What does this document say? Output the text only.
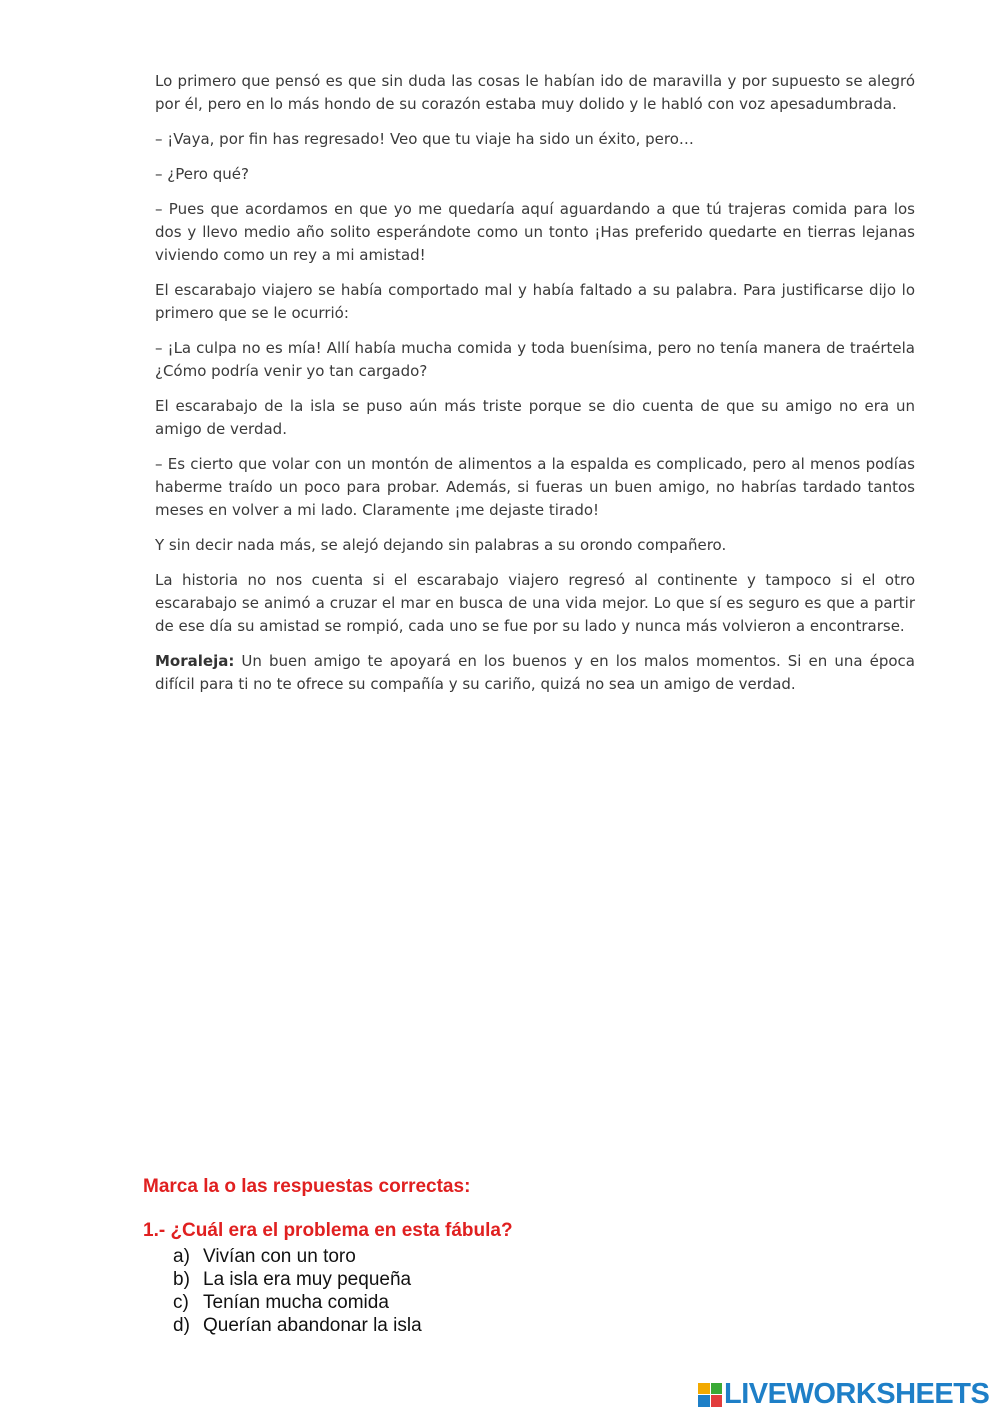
Lo primero que pensó es que sin duda las cosas le habían ido de maravilla y por supuesto se alegró por él, pero en lo más hondo de su corazón estaba muy dolido y le habló con voz apesadumbrada.

– ¡Vaya, por fin has regresado! Veo que tu viaje ha sido un éxito, pero…

– ¿Pero qué?

– Pues que acordamos en que yo me quedaría aquí aguardando a que tú trajeras comida para los dos y llevo medio año solito esperándote como un tonto ¡Has preferido quedarte en tierras lejanas viviendo como un rey a mi amistad!

El escarabajo viajero se había comportado mal y había faltado a su palabra. Para justificarse dijo lo primero que se le ocurrió:

– ¡La culpa no es mía! Allí había mucha comida y toda buenísima, pero no tenía manera de traértela ¿Cómo podría venir yo tan cargado?

El escarabajo de la isla se puso aún más triste porque se dio cuenta de que su amigo no era un amigo de verdad.

– Es cierto que volar con un montón de alimentos a la espalda es complicado, pero al menos podías haberme traído un poco para probar. Además, si fueras un buen amigo, no habrías tardado tantos meses en volver a mi lado. Claramente ¡me dejaste tirado!

Y sin decir nada más, se alejó dejando sin palabras a su orondo compañero.

La historia no nos cuenta si el escarabajo viajero regresó al continente y tampoco si el otro escarabajo se animó a cruzar el mar en busca de una vida mejor. Lo que sí es seguro es que a partir de ese día su amistad se rompió, cada uno se fue por su lado y nunca más volvieron a encontrarse.

Moraleja: Un buen amigo te apoyará en los buenos y en los malos momentos. Si en una época difícil para ti no te ofrece su compañía y su cariño, quizá no sea un amigo de verdad.

Marca la o las respuestas correctas:
1.- ¿Cuál era el problema en esta fábula?
a) Vivían con un toro
b) La isla era muy pequeña
c) Tenían mucha comida
d) Querían abandonar la isla
LIVEWORKSHEETS
